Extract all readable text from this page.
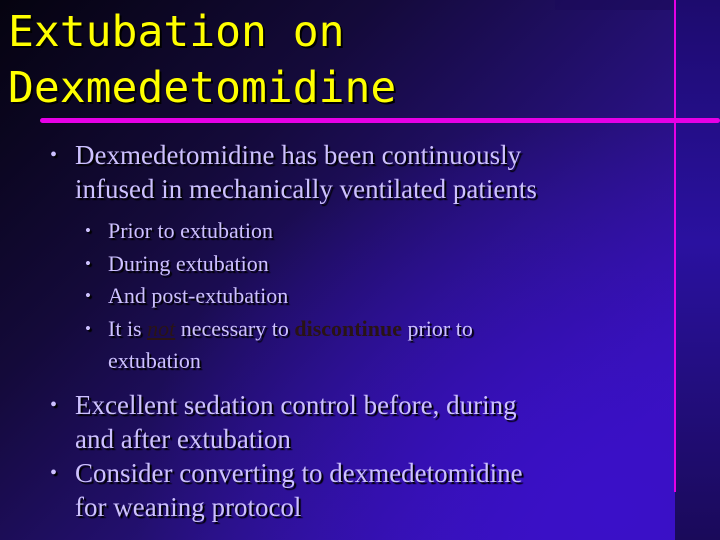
Extubation on
Dexmedetomidine

• Dexmedetomidine has been continuously
infused in mechanically ventilated patients

• Prior to extubation

• During extubation

• And post-extubation

• It is not necessary to discontinue prior to
extubation

• Excellent sedation control before, during
and after extubation

• Consider converting to dexmedetomidine
for weaning protocol
